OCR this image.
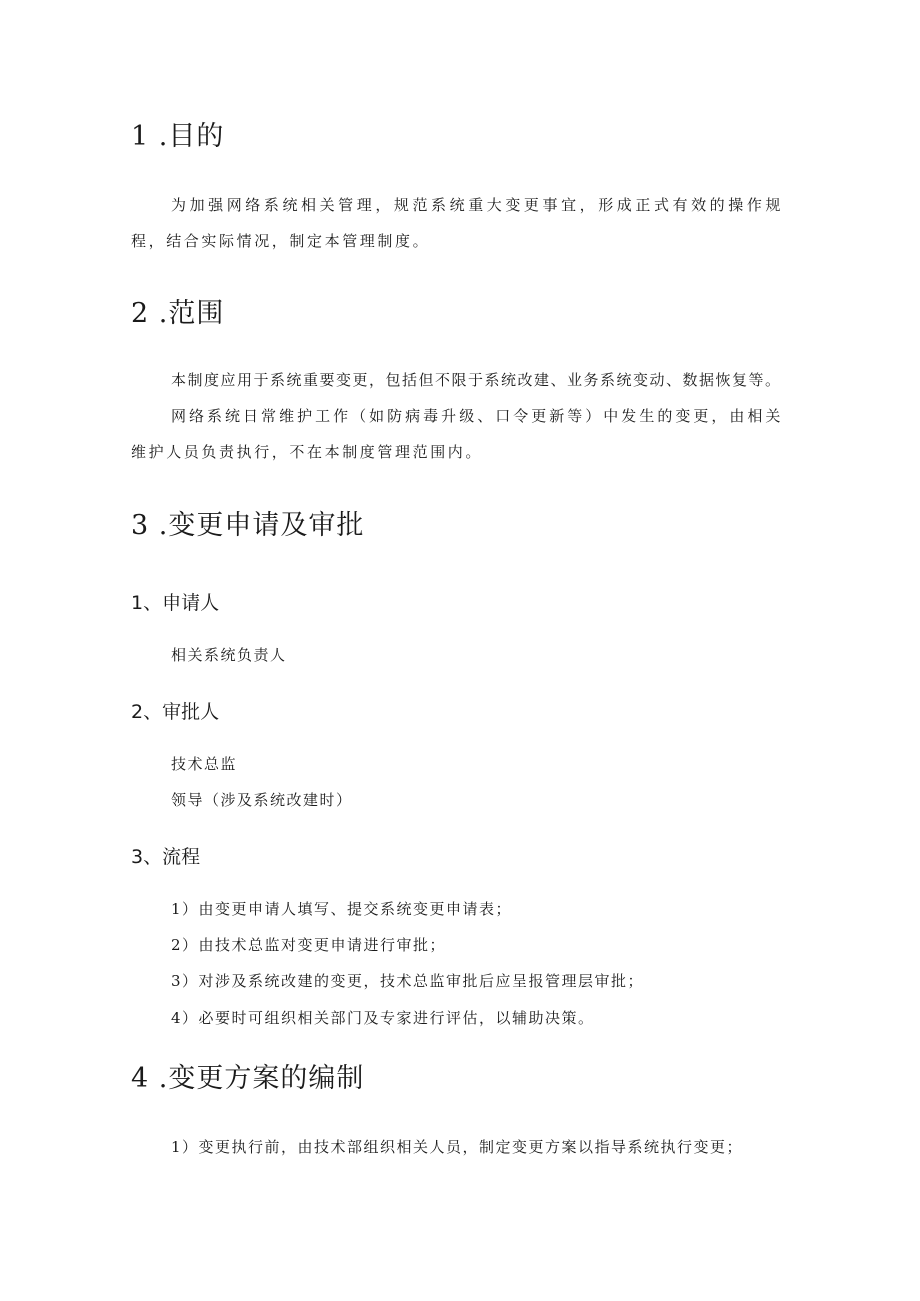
1 .目的

为加强网络系统相关管理，规范系统重大变更事宜，形成正式有效的操作规程，结合实际情况，制定本管理制度。

2 .范围

本制度应用于系统重要变更，包括但不限于系统改建、业务系统变动、数据恢复等。

网络系统日常维护工作（如防病毒升级、口令更新等）中发生的变更，由相关维护人员负责执行，不在本制度管理范围内。

3 .变更申请及审批
1、申请人

相关系统负责人

2、审批人

技术总监

领导（涉及系统改建时）

3、流程

1）由变更申请人填写、提交系统变更申请表；

2）由技术总监对变更申请进行审批；

3）对涉及系统改建的变更，技术总监审批后应呈报管理层审批；

4）必要时可组织相关部门及专家进行评估，以辅助决策。

4 .变更方案的编制

1）变更执行前，由技术部组织相关人员，制定变更方案以指导系统执行变更；
